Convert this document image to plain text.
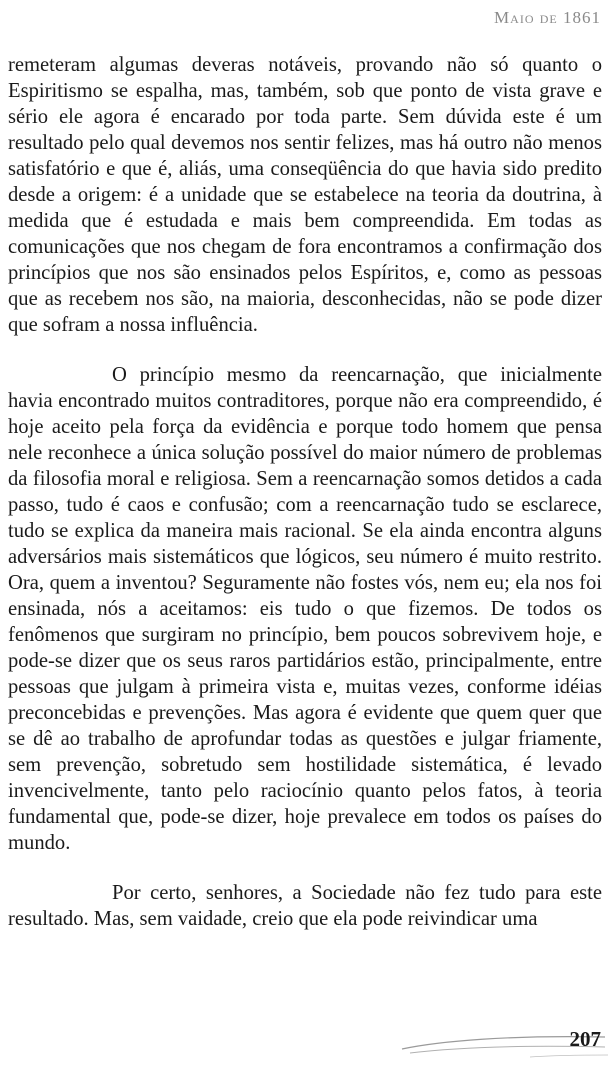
Maio de 1861

remeteram algumas deveras notáveis, provando não só quanto o Espiritismo se espalha, mas, também, sob que ponto de vista grave e sério ele agora é encarado por toda parte. Sem dúvida este é um resultado pelo qual devemos nos sentir felizes, mas há outro não menos satisfatório e que é, aliás, uma conseqüência do que havia sido predito desde a origem: é a unidade que se estabelece na teoria da doutrina, à medida que é estudada e mais bem compreendida. Em todas as comunicações que nos chegam de fora encontramos a confirmação dos princípios que nos são ensinados pelos Espíritos, e, como as pessoas que as recebem nos são, na maioria, desconhecidas, não se pode dizer que sofram a nossa influência.

O princípio mesmo da reencarnação, que inicialmente havia encontrado muitos contraditores, porque não era compreendido, é hoje aceito pela força da evidência e porque todo homem que pensa nele reconhece a única solução possível do maior número de problemas da filosofia moral e religiosa. Sem a reencarnação somos detidos a cada passo, tudo é caos e confusão; com a reencarnação tudo se esclarece, tudo se explica da maneira mais racional. Se ela ainda encontra alguns adversários mais sistemáticos que lógicos, seu número é muito restrito. Ora, quem a inventou? Seguramente não fostes vós, nem eu; ela nos foi ensinada, nós a aceitamos: eis tudo o que fizemos. De todos os fenômenos que surgiram no princípio, bem poucos sobrevivem hoje, e pode-se dizer que os seus raros partidários estão, principalmente, entre pessoas que julgam à primeira vista e, muitas vezes, conforme idéias preconcebidas e prevenções. Mas agora é evidente que quem quer que se dê ao trabalho de aprofundar todas as questões e julgar friamente, sem prevenção, sobretudo sem hostilidade sistemática, é levado invencivelmente, tanto pelo raciocínio quanto pelos fatos, à teoria fundamental que, pode-se dizer, hoje prevalece em todos os países do mundo.

Por certo, senhores, a Sociedade não fez tudo para este resultado. Mas, sem vaidade, creio que ela pode reivindicar uma

207
